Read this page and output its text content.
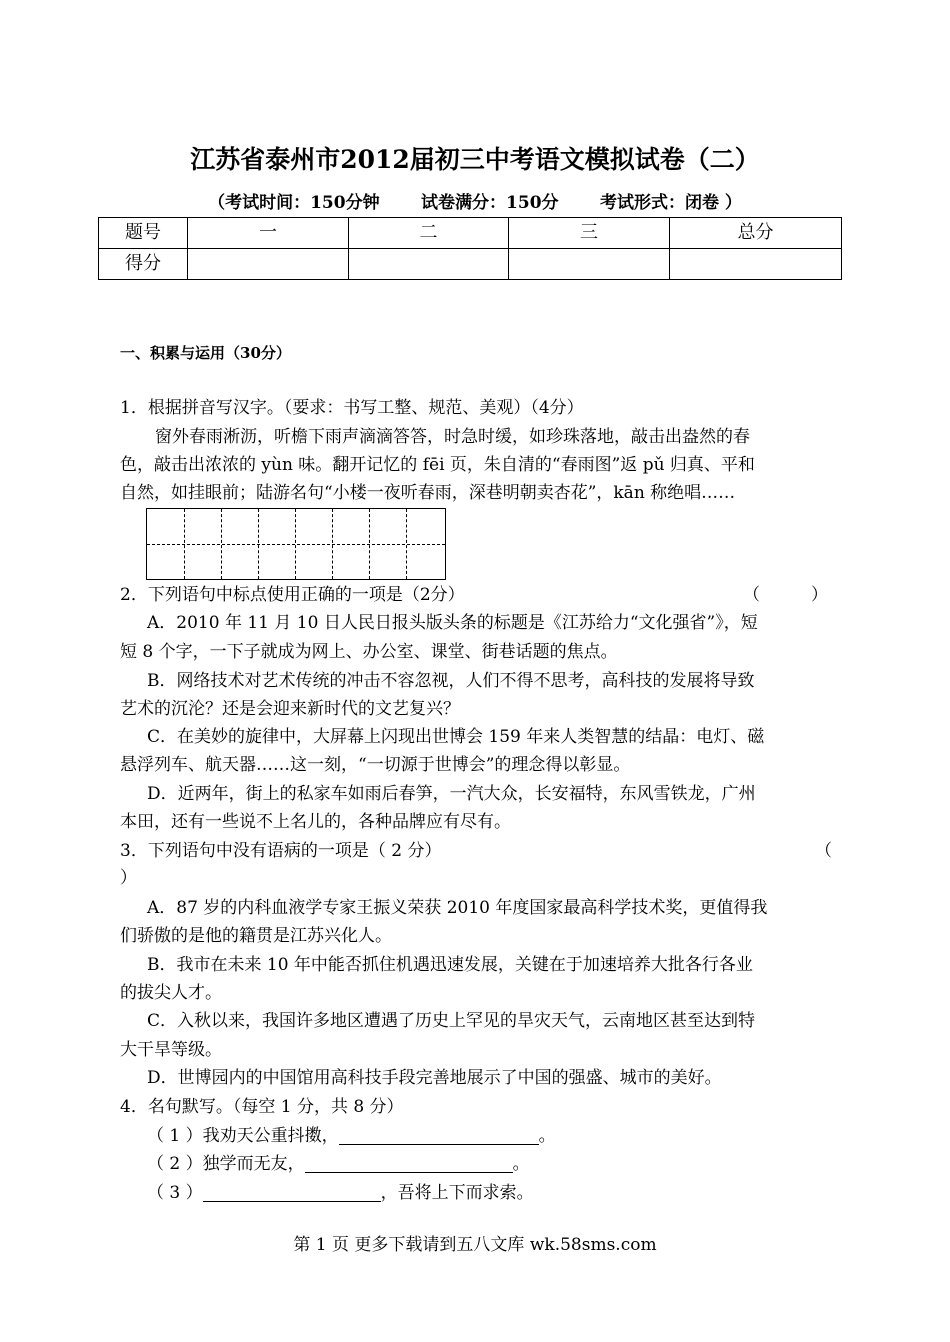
江苏省泰州市2012届初三中考语文模拟试卷（二）
（考试时间：150分钟 试卷满分：150分 考试形式：闭卷 ）
题号	一	二	三	总分
得分				
一、积累与运用（30分）
1．根据拼音写汉字。（要求：书写工整、规范、美观）（4分）
窗外春雨淅沥，听檐下雨声滴滴答答，时急时缓，如珍珠落地，敲击出盎然的春
色，敲击出浓浓的 yùn 味。翻开记忆的 fēi 页，朱自清的“春雨图”返 pǔ 归真、平和
自然，如挂眼前；陆游名句“小楼一夜听春雨，深巷明朝卖杏花”，kān 称绝唱……
2．下列语句中标点使用正确的一项是（2分）	（　　　）
A．2010 年 11 月 10 日人民日报头版头条的标题是《江苏给力“文化强省”》，短
短 8 个字，一下子就成为网上、办公室、课堂、街巷话题的焦点。
B．网络技术对艺术传统的冲击不容忽视，人们不得不思考，高科技的发展将导致
艺术的沉沦？还是会迎来新时代的文艺复兴？
C．在美妙的旋律中，大屏幕上闪现出世博会 159 年来人类智慧的结晶：电灯、磁
悬浮列车、航天器……这一刻，“一切源于世博会”的理念得以彰显。
D．近两年，街上的私家车如雨后春笋，一汽大众，长安福特，东风雪铁龙，广州
本田，还有一些说不上名儿的，各种品牌应有尽有。
3．下列语句中没有语病的一项是（ 2 分）	（
）
A．87 岁的内科血液学专家王振义荣获 2010 年度国家最高科学技术奖，更值得我
们骄傲的是他的籍贯是江苏兴化人。
B．我市在未来 10 年中能否抓住机遇迅速发展，关键在于加速培养大批各行各业
的拔尖人才。
C．入秋以来，我国许多地区遭遇了历史上罕见的旱灾天气，云南地区甚至达到特
大干旱等级。
D．世博园内的中国馆用高科技手段完善地展示了中国的强盛、城市的美好。
4．名句默写。（每空 1 分，共 8 分）
（ 1 ）我劝天公重抖擞，	。
（ 2 ）独学而无友，	。
（ 3 ）	，吾将上下而求索。
第 1 页 更多下载请到五八文库 wk.58sms.com
